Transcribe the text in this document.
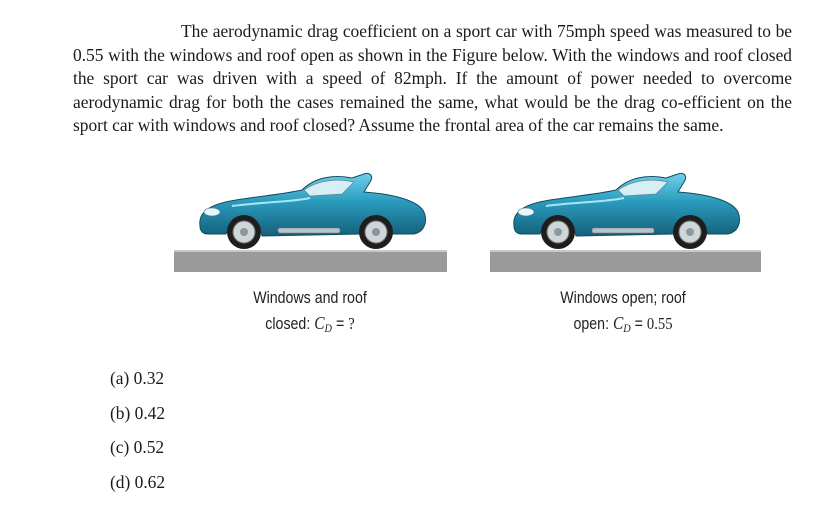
The aerodynamic drag coefficient on a sport car with 75mph speed was measured to be 0.55 with the windows and roof open as shown in the Figure below. With the windows and roof closed the sport car was driven with a speed of 82mph. If the amount of power needed to overcome aerodynamic drag for both the cases remained the same, what would be the drag co-efficient on the sport car with windows and roof closed? Assume the frontal area of the car remains the same.

Windows and roof
closed: $C_D$ = ?
Windows open; roof
open: $C_D = 0.55$
(a) 0.32
(b) 0.42
(c) 0.52
(d) 0.62
